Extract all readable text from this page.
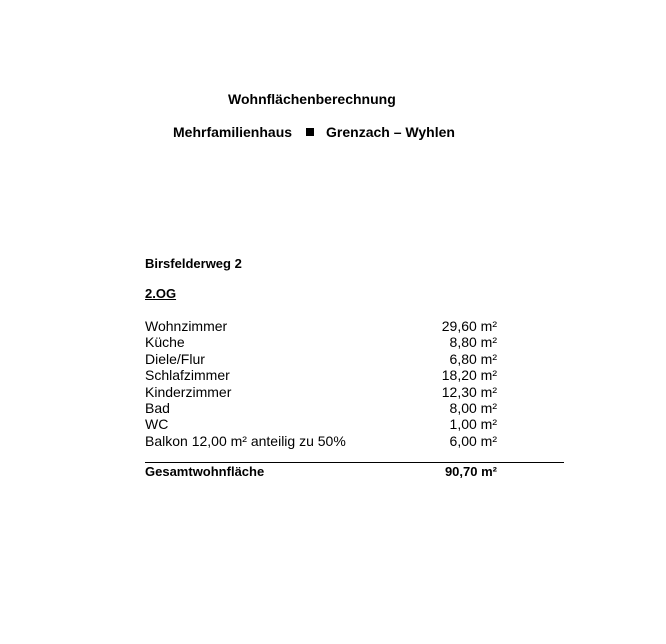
Wohnflächenberechnung
Mehrfamilienhaus Grenzach – Wyhlen
Birsfelderweg 2
2.OG
Wohnzimmer	29,60 m²
Küche	8,80 m²
Diele/Flur	6,80 m²
Schlafzimmer	18,20 m²
Kinderzimmer	12,30 m²
Bad	8,00 m²
WC	1,00 m²
Balkon 12,00 m² anteilig zu 50%	6,00 m²
Gesamtwohnfläche	90,70 m²
